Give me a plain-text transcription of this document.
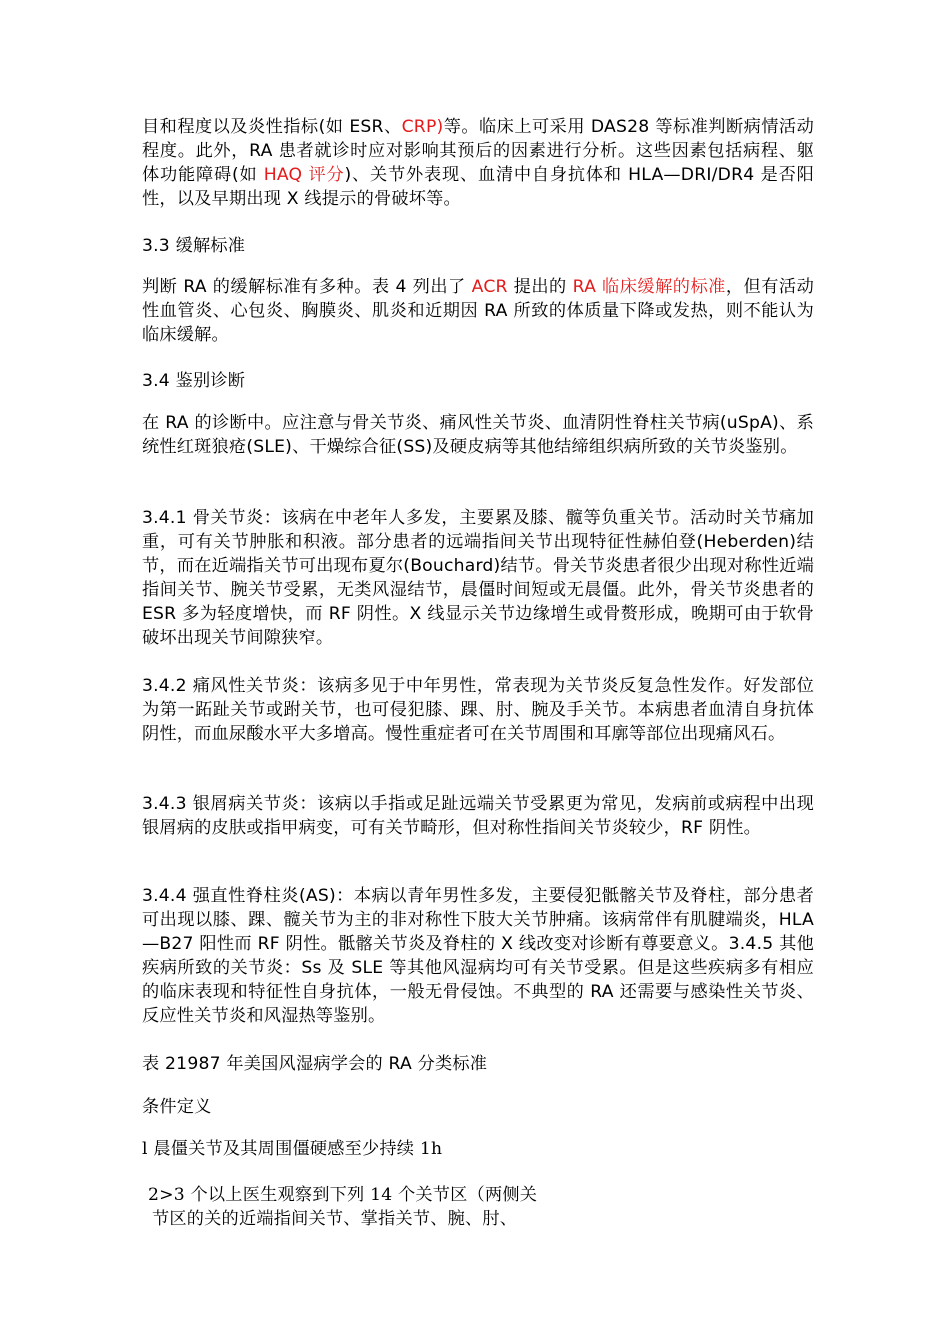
目和程度以及炎性指标(如 ESR、CRP)等。临床上可采用 DAS28 等标准判断病情活动程度。此外，RA 患者就诊时应对影响其预后的因素进行分析。这些因素包括病程、躯体功能障碍(如 HAQ 评分)、关节外表现、血清中自身抗体和 HLA—DRI/DR4 是否阳性，以及早期出现 X 线提示的骨破坏等。

3.3 缓解标准

判断 RA 的缓解标准有多种。表 4 列出了 ACR 提出的 RA 临床缓解的标准，但有活动性血管炎、心包炎、胸膜炎、肌炎和近期因 RA 所致的体质量下降或发热，则不能认为临床缓解。

3.4 鉴别诊断

在 RA 的诊断中。应注意与骨关节炎、痛风性关节炎、血清阴性脊柱关节病(uSpA)、系统性红斑狼疮(SLE)、干燥综合征(SS)及硬皮病等其他结缔组织病所致的关节炎鉴别。

3.4.1 骨关节炎：该病在中老年人多发，主要累及膝、髋等负重关节。活动时关节痛加重，可有关节肿胀和积液。部分患者的远端指间关节出现特征性赫伯登(Heberden)结节，而在近端指关节可出现布夏尔(Bouchard)结节。骨关节炎患者很少出现对称性近端指间关节、腕关节受累，无类风湿结节，晨僵时间短或无晨僵。此外，骨关节炎患者的 ESR 多为轻度增快，而 RF 阴性。X 线显示关节边缘增生或骨赘形成，晚期可由于软骨破坏出现关节间隙狭窄。

3.4.2 痛风性关节炎：该病多见于中年男性，常表现为关节炎反复急性发作。好发部位为第一跖趾关节或跗关节，也可侵犯膝、踝、肘、腕及手关节。本病患者血清自身抗体阴性，而血尿酸水平大多增高。慢性重症者可在关节周围和耳廓等部位出现痛风石。

3.4.3 银屑病关节炎：该病以手指或足趾远端关节受累更为常见，发病前或病程中出现银屑病的皮肤或指甲病变，可有关节畸形，但对称性指间关节炎较少，RF 阴性。

3.4.4 强直性脊柱炎(AS)：本病以青年男性多发，主要侵犯骶髂关节及脊柱，部分患者可出现以膝、踝、髋关节为主的非对称性下肢大关节肿痛。该病常伴有肌腱端炎，HLA—B27 阳性而 RF 阴性。骶髂关节炎及脊柱的 X 线改变对诊断有尊要意义。3.4.5 其他疾病所致的关节炎：Ss 及 SLE 等其他风湿病均可有关节受累。但是这些疾病多有相应的临床表现和特征性自身抗体，一般无骨侵蚀。不典型的 RA 还需要与感染性关节炎、反应性关节炎和风湿热等鉴别。

表 21987 年美国风湿病学会的 RA 分类标准

条件定义

l 晨僵关节及其周围僵硬感至少持续 1h

2>3 个以上医生观察到下列 14 个关节区（两侧关
节区的关的近端指间关节、掌指关节、腕、肘、
